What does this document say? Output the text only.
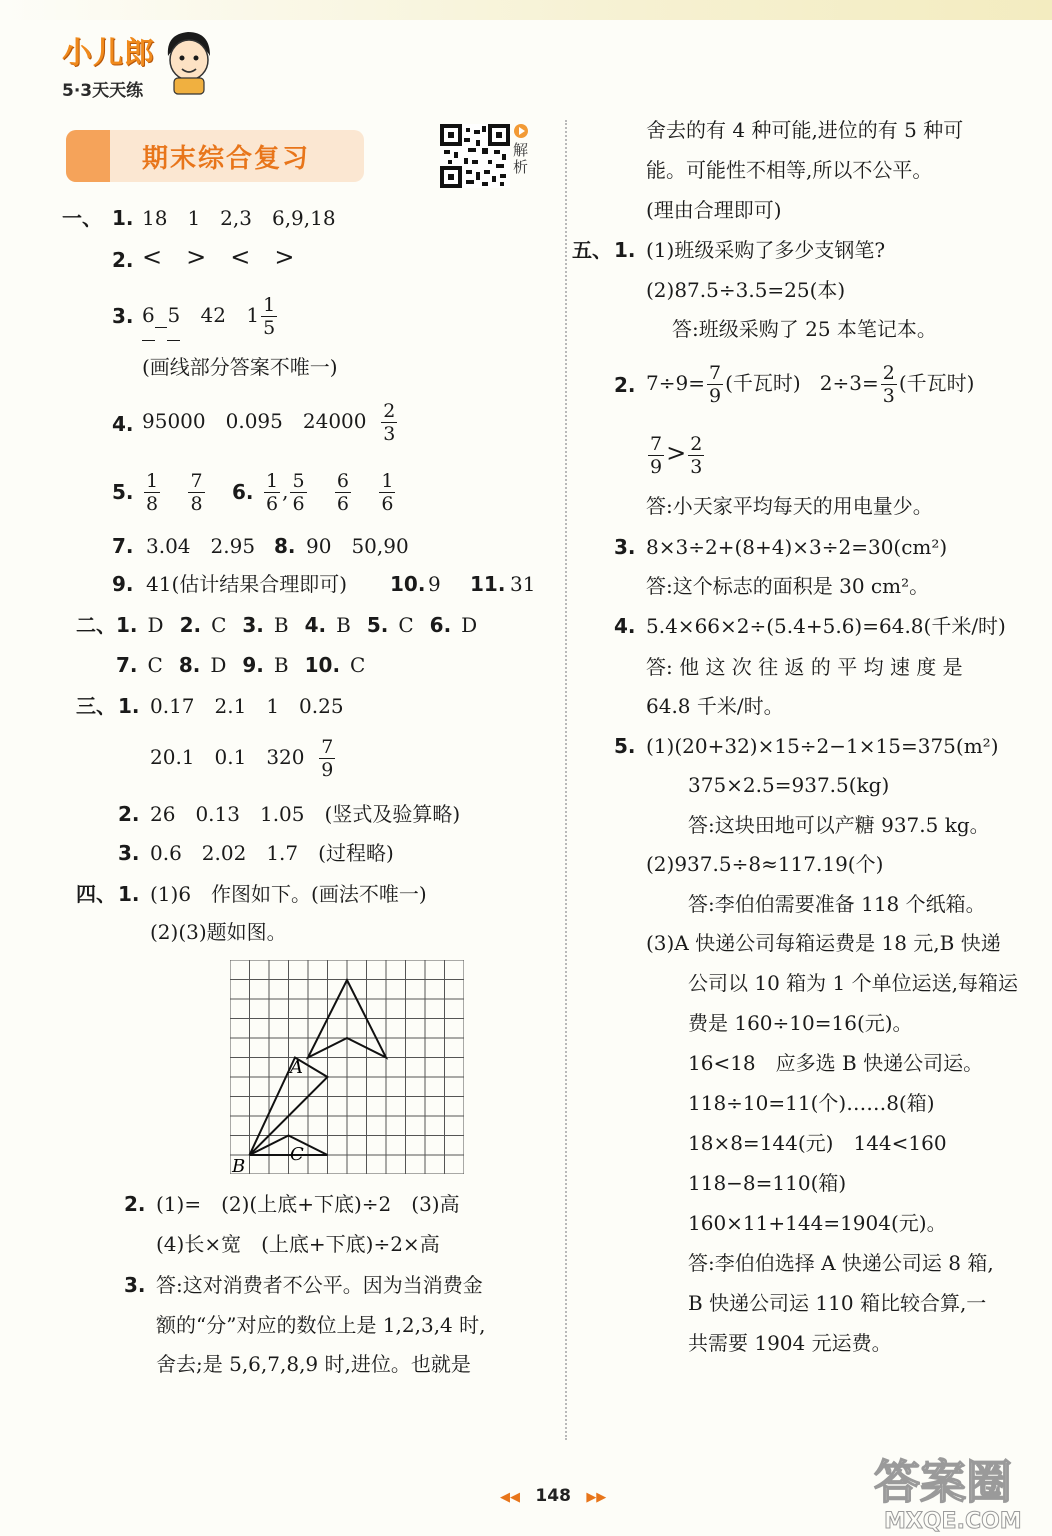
小儿郎
5·3天天练
期末综合复习	解析
一、 1. 18　1　2,3　6,9,18
2. <　>　<　>
3. 6 5 42 $1 \frac{1}{5}$
(画线部分答案不唯一)
4. 95000　0.095　$24000 \frac{2}{3}$
5. $\frac{1}{8}$
$\frac{7}{8} 6$. $\frac{1}{6}$ , $\frac{5}{6}$
$\frac{6}{6}$
$\frac{1}{6}$
7. 3.04　2.95 8. 90　50,90
9. 41(估计结果合理即可) 10. 9 11. 31
二、 1. D 2. C 3. B 4. B 5. C 6. D
7. C 8. D 9. B 10. C
三、 1. 0.17　2.1　1　0.25
20.1　0.1　$320 \frac{7}{9}$
2. 26　0.13　1.05　(竖式及验算略)
3. 0.6　2.02　1.7　(过程略)
四、 1. (1)6　作图如下。(画法不唯一)
(2)(3)题如图。
A
B
C
2. (1)=　(2)(上底+下底)÷2　(3)高
(4)长×宽　(上底+下底)÷2×高
3. 答:这对消费者不公平。因为当消费金
额的“分”对应的数位上是 1,2,3,4 时,
舍去;是 5,6,7,8,9 时,进位。也就是
舍去的有 4 种可能,进位的有 5 种可
能。可能性不相等,所以不公平。
(理由合理即可)
五、 1. (1)班级采购了多少支钢笔?
(2)87.5÷3.5=25(本)
答:班级采购了 25 本笔记本。
2. $7\div 9= \frac{7}{9}$ (千瓦时) $2\div 3= \frac{2}{3}$ (千瓦时)
$\frac{7}{9} > \frac{2}{3}$
答:小天家平均每天的用电量少。
3. 8×3÷2+(8+4)×3÷2=30(cm²)
答:这个标志的面积是 30 cm²。
4. 5.4×66×2÷(5.4+5.6)=64.8(千米/时)
答: 他 这 次 往 返 的 平 均 速 度 是
64.8 千米/时。
5. (1)(20+32)×15÷2−1×15=375(m²)
375×2.5=937.5(kg)
答:这块田地可以产糖 937.5 kg。
(2)937.5÷8≈117.19(个)
答:李伯伯需要准备 118 个纸箱。
(3)A 快递公司每箱运费是 18 元,B 快递
公司以 10 箱为 1 个单位运送,每箱运
费是 160÷10=16(元)。
16<18　应多选 B 快递公司运。
118÷10=11(个)……8(箱)
18×8=144(元)　144<160
118−8=110(箱)
160×11+144=1904(元)。
答:李伯伯选择 A 快递公司运 8 箱,
B 快递公司运 110 箱比较合算,一
共需要 1904 元运费。
◀◀ 148 ▶▶	答案圈
MXQE.COM
